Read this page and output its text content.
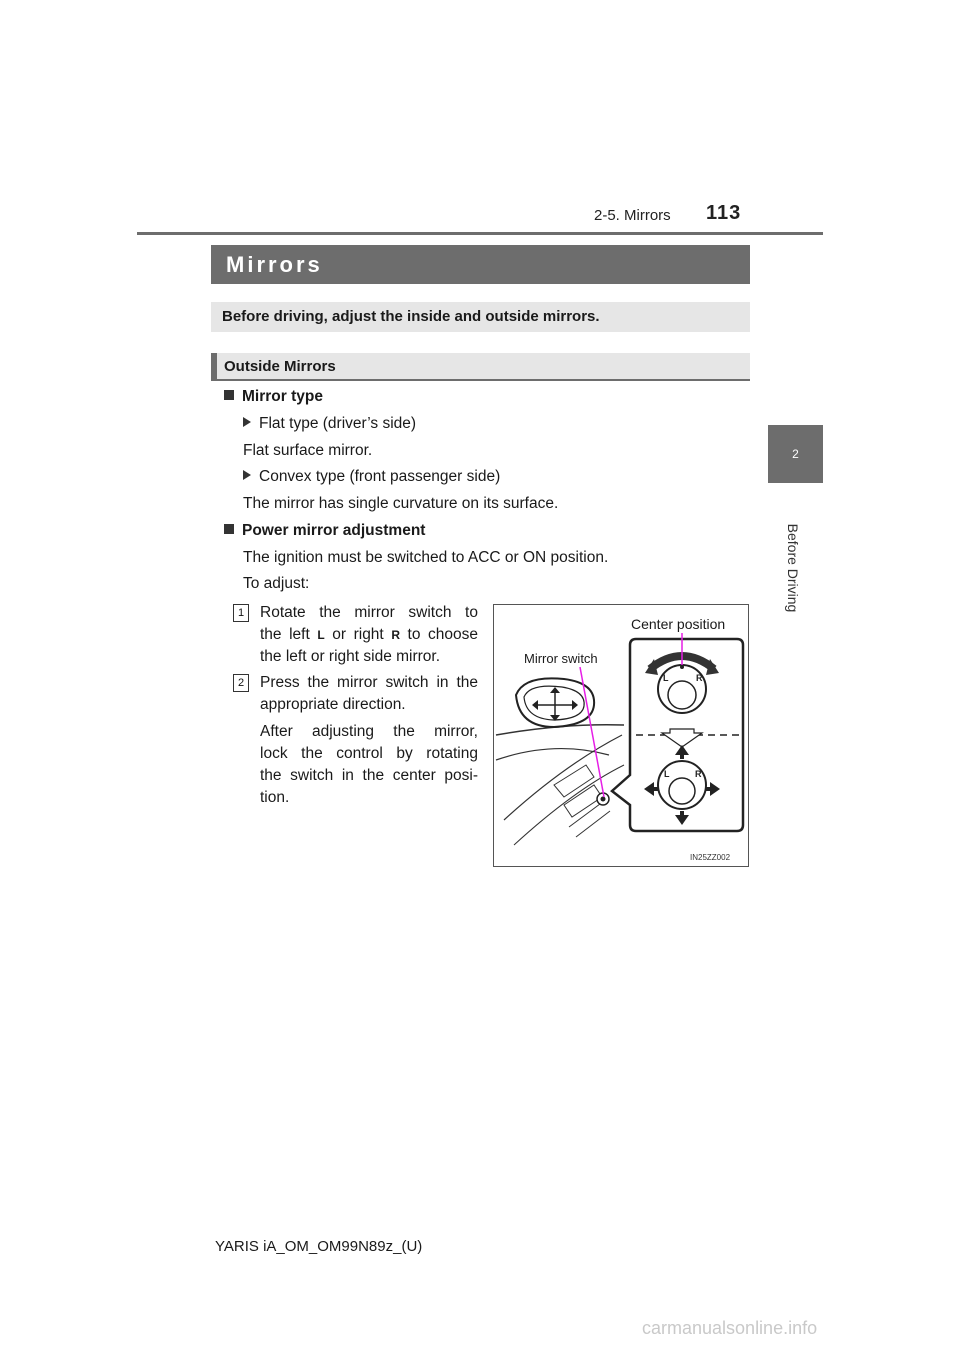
2-5. Mirrors 113
2
Before Driving
Mirrors
Before driving, adjust the inside and outside mirrors.
Outside Mirrors
Mirror type
Flat type (driver’s side)
Flat surface mirror.
Convex type (front passenger side)
The mirror has single curvature on its surface.
Power mirror adjustment
The ignition must be switched to ACC or ON position.
To adjust:
1	Rotate the mirror switch to
the left L or right R to choose
the left or right side mirror.
2	Press the mirror switch in the
appropriate direction.
After adjusting the mirror,
lock the control by rotating
the switch in the center posi-
tion.
L	R
L	R
Center position
Mirror switch
IN25ZZ002
YARIS iA_OM_OM99N89z_(U)
carmanualsonline.info
